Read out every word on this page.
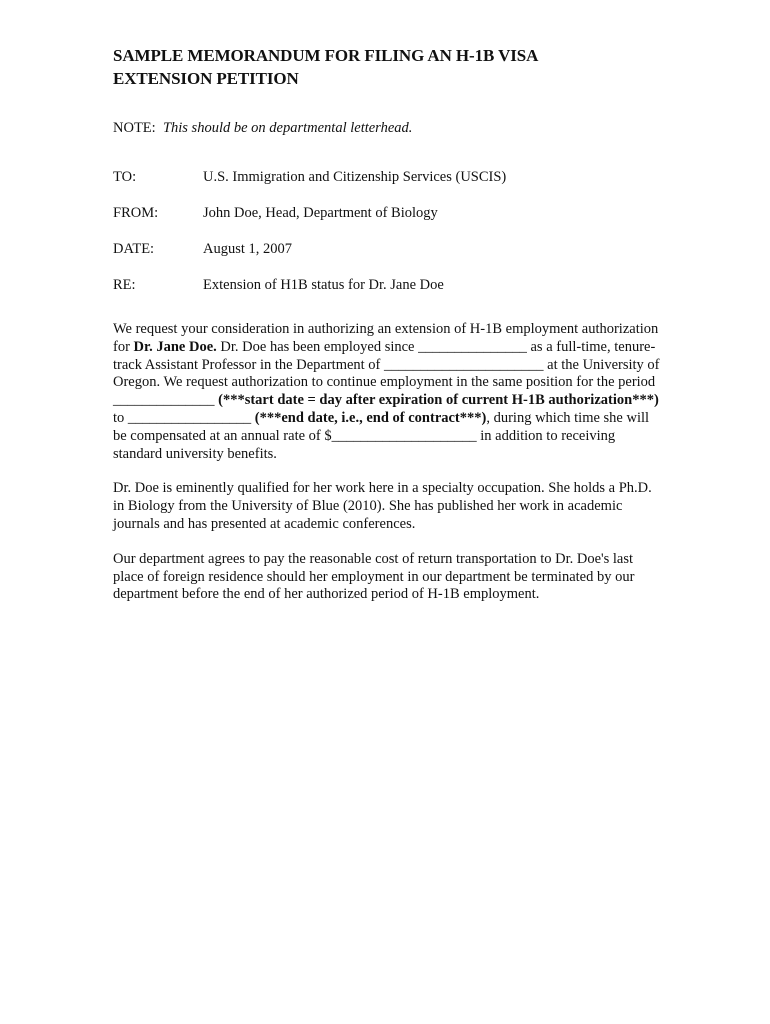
SAMPLE MEMORANDUM FOR FILING AN H-1B VISA
EXTENSION PETITION
NOTE: This should be on departmental letterhead.
TO:	U.S. Immigration and Citizenship Services (USCIS)
FROM:	John Doe, Head, Department of Biology
DATE:	August 1, 2007
RE:	Extension of H1B status for Dr. Jane Doe

We request your consideration in authorizing an extension of H-1B employment authorization for Dr. Jane Doe. Dr. Doe has been employed since _______________ as a full-time, tenure-track Assistant Professor in the Department of ______________________ at the University of Oregon. We request authorization to continue employment in the same position for the period ______________ (***start date = day after expiration of current H-1B authorization***) to _________________ (***end date, i.e., end of contract***), during which time she will be compensated at an annual rate of $____________________ in addition to receiving standard university benefits.

Dr. Doe is eminently qualified for her work here in a specialty occupation. She holds a Ph.D. in Biology from the University of Blue (2010). She has published her work in academic journals and has presented at academic conferences.

Our department agrees to pay the reasonable cost of return transportation to Dr. Doe's last place of foreign residence should her employment in our department be terminated by our department before the end of her authorized period of H-1B employment.
